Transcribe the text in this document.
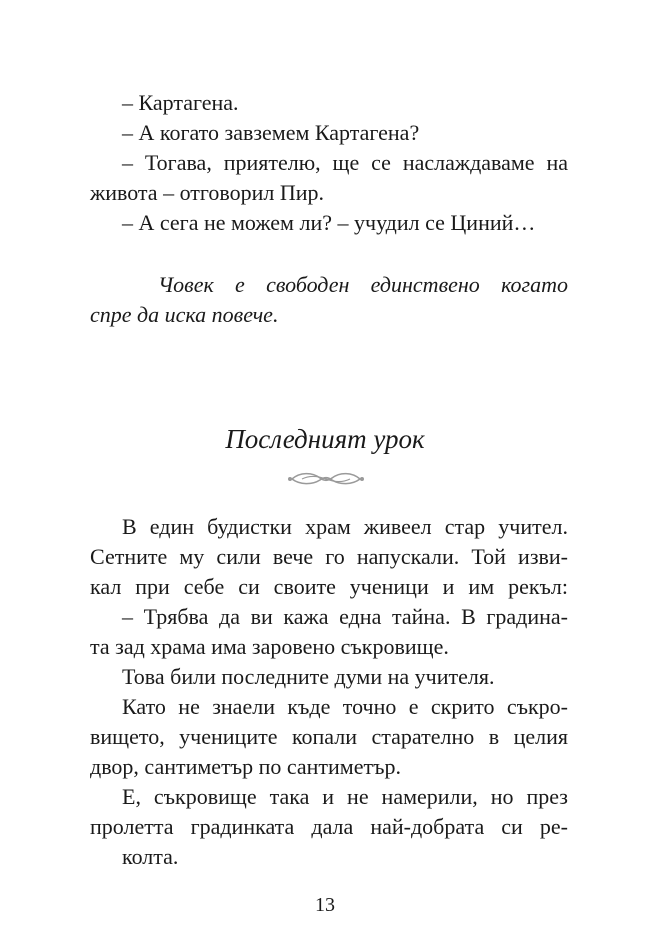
– Картагена.
– А когато завземем Картагена?
– Тогава, приятелю, ще се наслаждаваме на
живота – отговорил Пир.
– А сега не можем ли? – учудил се Циний…
Човек е свободен единствено когато
спре да иска повече.
Последният урок
В един будистки храм живеел стар учител.
Сетните му сили вече го напускали. Той изви-
кал при себе си своите ученици и им рекъл:
– Трябва да ви кажа една тайна. В градина-
та зад храма има заровено съкровище.
Това били последните думи на учителя.
Като не знаели къде точно е скрито съкро-
вището, учениците копали старателно в целия
двор, сантиметър по сантиметър.
Е, съкровище така и не намерили, но през
пролетта градинката дала най-добрата си ре-
колта.
13
